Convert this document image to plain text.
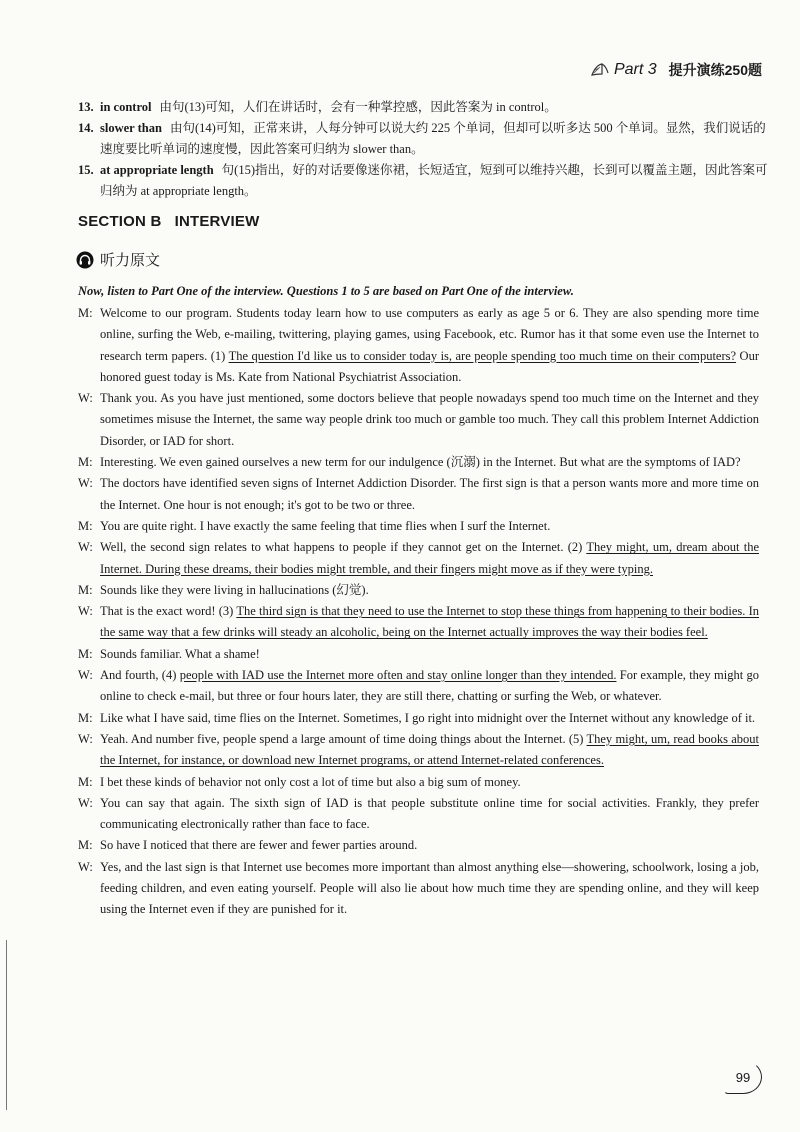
Part 3 提升演练250题
13. in control 由句(13)可知，人们在讲话时，会有一种掌控感，因此答案为 in control。
14. slower than 由句(14)可知，正常来讲，人每分钟可以说大约 225 个单词，但却可以听多达 500 个单词。显然，我们说话的速度要比听单词的速度慢，因此答案可归纳为 slower than。
15. at appropriate length 句(15)指出，好的对话要像迷你裙，长短适宜，短到可以维持兴趣，长到可以覆盖主题，因此答案可归纳为 at appropriate length。
SECTION B   INTERVIEW
听力原文
Now, listen to Part One of the interview. Questions 1 to 5 are based on Part One of the interview.
M: Welcome to our program. Students today learn how to use computers as early as age 5 or 6. They are also spending more time online, surfing the Web, e-mailing, twittering, playing games, using Facebook, etc. Rumor has it that some even use the Internet to research term papers. (1) The question I'd like us to consider today is, are people spending too much time on their computers? Our honored guest today is Ms. Kate from National Psychiatrist Association.
W: Thank you. As you have just mentioned, some doctors believe that people nowadays spend too much time on the Internet and they sometimes misuse the Internet, the same way people drink too much or gamble too much. They call this problem Internet Addiction Disorder, or IAD for short.
M: Interesting. We even gained ourselves a new term for our indulgence (沉溺) in the Internet. But what are the symptoms of IAD?
W: The doctors have identified seven signs of Internet Addiction Disorder. The first sign is that a person wants more and more time on the Internet. One hour is not enough; it's got to be two or three.
M: You are quite right. I have exactly the same feeling that time flies when I surf the Internet.
W: Well, the second sign relates to what happens to people if they cannot get on the Internet. (2) They might, um, dream about the Internet. During these dreams, their bodies might tremble, and their fingers might move as if they were typing.
M: Sounds like they were living in hallucinations (幻觉).
W: That is the exact word! (3) The third sign is that they need to use the Internet to stop these things from happening to their bodies. In the same way that a few drinks will steady an alcoholic, being on the Internet actually improves the way their bodies feel.
M: Sounds familiar. What a shame!
W: And fourth, (4) people with IAD use the Internet more often and stay online longer than they intended. For example, they might go online to check e-mail, but three or four hours later, they are still there, chatting or surfing the Web, or whatever.
M: Like what I have said, time flies on the Internet. Sometimes, I go right into midnight over the Internet without any knowledge of it.
W: Yeah. And number five, people spend a large amount of time doing things about the Internet. (5) They might, um, read books about the Internet, for instance, or download new Internet programs, or attend Internet-related conferences.
M: I bet these kinds of behavior not only cost a lot of time but also a big sum of money.
W: You can say that again. The sixth sign of IAD is that people substitute online time for social activities. Frankly, they prefer communicating electronically rather than face to face.
M: So have I noticed that there are fewer and fewer parties around.
W: Yes, and the last sign is that Internet use becomes more important than almost anything else—showering, schoolwork, losing a job, feeding children, and even eating yourself. People will also lie about how much time they are spending online, and they will keep using the Internet even if they are punished for it.
99
